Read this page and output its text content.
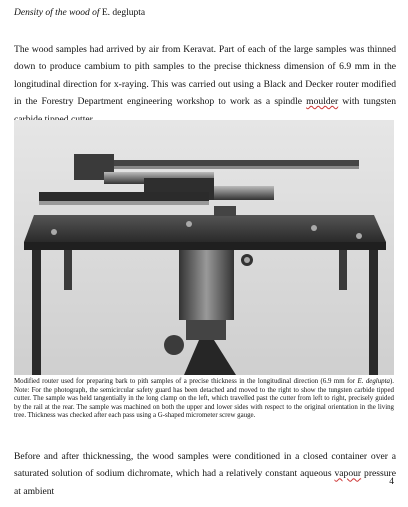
Density of the wood of E. deglupta
The wood samples had arrived by air from Keravat. Part of each of the large samples was thinned down to produce cambium to pith samples to the precise thickness dimension of 6.9 mm in the longitudinal direction for x-raying. This was carried out using a Black and Decker router modified in the Forestry Department engineering workshop to work as a spindle moulder with tungsten
Modified router used for preparing bark to pith samples of a precise thickness in the longitudinal direction (6.9 mm for E. deglupta). Note: For the photograph, the semicircular safety guard has been detached and moved to the right to show the tungsten carbide tipped cutter. The sample was held tangentially in the long clamp on the left, which travelled past the cutter from left to right, precisely guided by the rail at the rear. The sample was machined on both the upper and lower sides with respect to the original orientation in the living tree. Thickness was checked after each pass using a G-shaped micrometer screw gauge.
Before and after thicknessing, the wood samples were conditioned in a closed container over a saturated solution of sodium dichromate, which had a relatively constant aqueous vapour pressure at ambient
4
